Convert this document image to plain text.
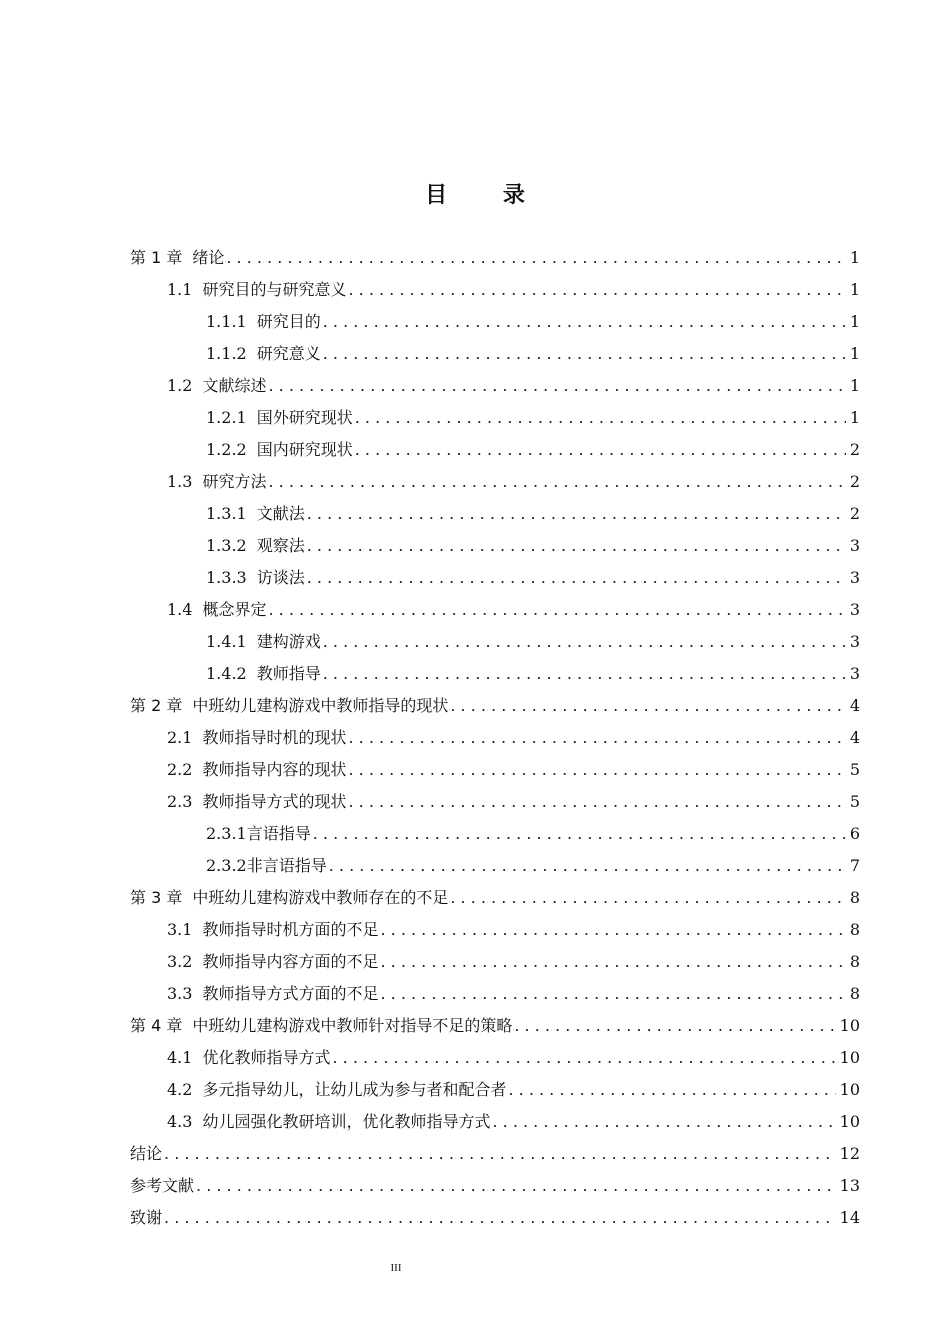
目 录
第 1 章 绪论 . . .	1
1.1 研究目的与研究意义 . . .	1
1.1.1 研究目的 . . .	1
1.1.2 研究意义 . . .	1
1.2 文献综述 . . .	1
1.2.1 国外研究现状 . . .	1
1.2.2 国内研究现状 . . .	2
1.3 研究方法 . . .	2
1.3.1 文献法 . . .	2
1.3.2 观察法 . . .	3
1.3.3 访谈法 . . .	3
1.4 概念界定 . . .	3
1.4.1 建构游戏 . . .	3
1.4.2 教师指导 . . .	3
第 2 章 中班幼儿建构游戏中教师指导的现状 . . .	4
2.1 教师指导时机的现状 . . .	4
2.2 教师指导内容的现状 . . .	5
2.3 教师指导方式的现状 . . .	5
2.3.1 言语指导 . . .	6
2.3.2 非言语指导 . . .	7
第 3 章 中班幼儿建构游戏中教师存在的不足 . . .	8
3.1 教师指导时机方面的不足 . . .	8
3.2 教师指导内容方面的不足 . . .	8
3.3 教师指导方式方面的不足 . . .	8
第 4 章 中班幼儿建构游戏中教师针对指导不足的策略 . . .	10
4.1 优化教师指导方式 . . .	10
4.2 多元指导幼儿，让幼儿成为参与者和配合者 . . .	10
4.3 幼儿园强化教研培训，优化教师指导方式 . . .	10
结论 . . .	12
参考文献 . . .	13
致谢 . . .	14
III
